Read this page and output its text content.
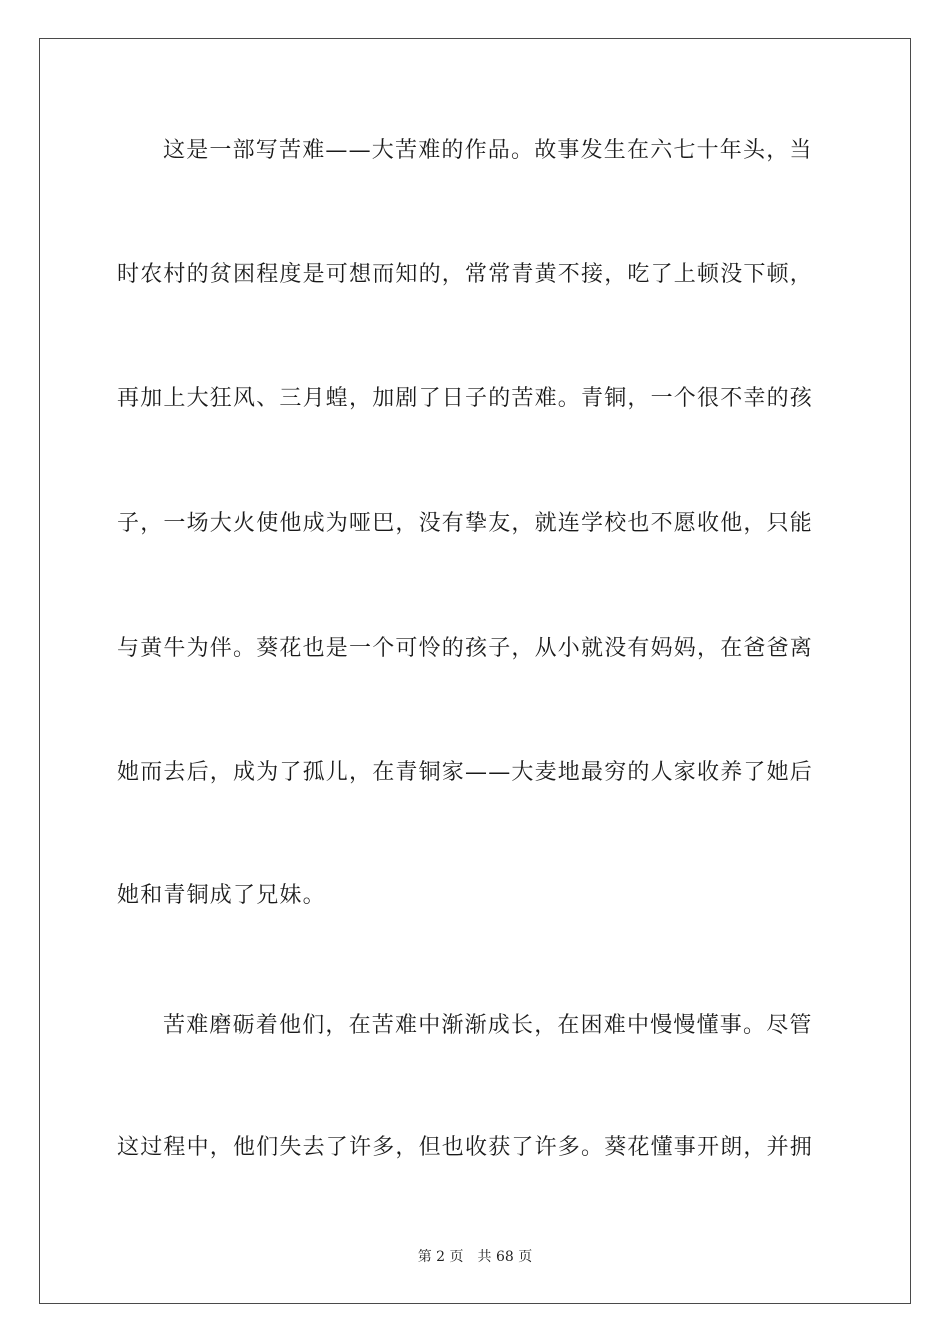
这是一部写苦难——大苦难的作品。故事发生在六七十年头，当
时农村的贫困程度是可想而知的，常常青黄不接，吃了上顿没下顿，
再加上大狂风、三月蝗，加剧了日子的苦难。青铜，一个很不幸的孩
子，一场大火使他成为哑巴，没有挚友，就连学校也不愿收他，只能
与黄牛为伴。葵花也是一个可怜的孩子，从小就没有妈妈，在爸爸离
她而去后，成为了孤儿，在青铜家——大麦地最穷的人家收养了她后
她和青铜成了兄妹。
苦难磨砺着他们，在苦难中渐渐成长，在困难中慢慢懂事。尽管
这过程中，他们失去了许多，但也收获了许多。葵花懂事开朗，并拥
第 2 页 共 68 页
